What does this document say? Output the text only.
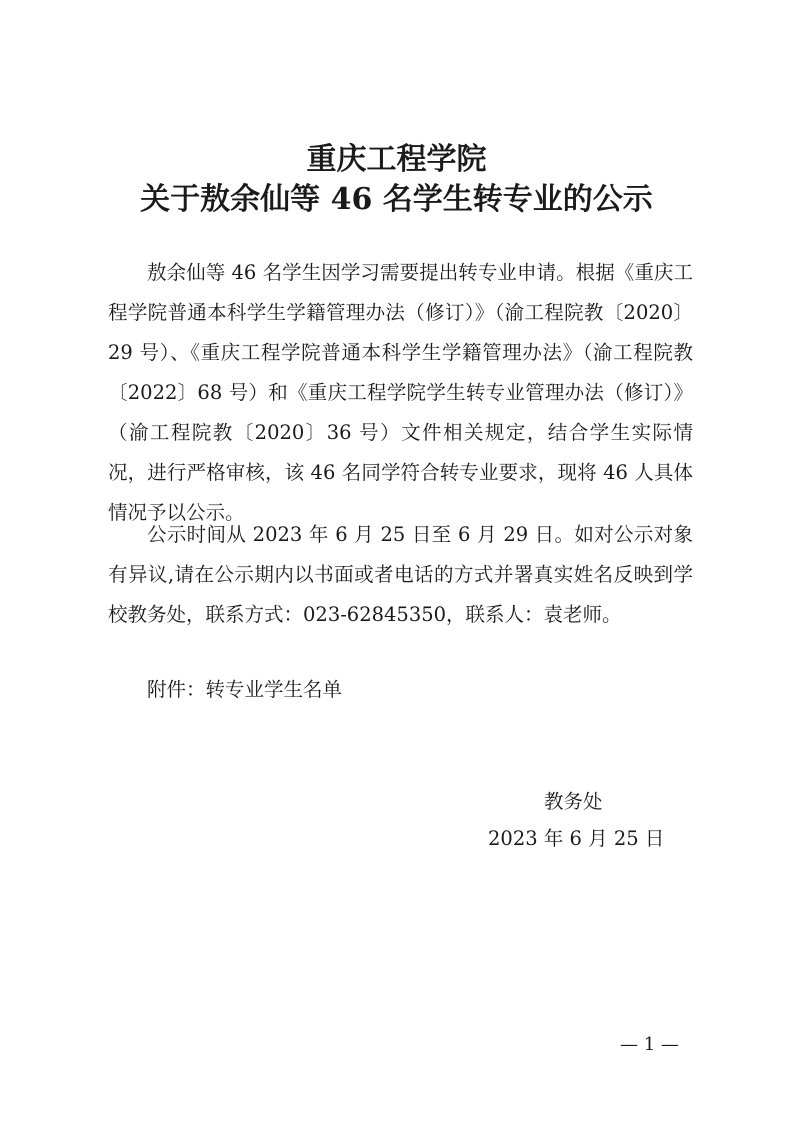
重庆工程学院
关于敖余仙等 46 名学生转专业的公示
敖余仙等 46 名学生因学习需要提出转专业申请。根据《重庆工程学院普通本科学生学籍管理办法（修订）》（渝工程院教〔2020〕29 号）、《重庆工程学院普通本科学生学籍管理办法》（渝工程院教〔2022〕68 号）和《重庆工程学院学生转专业管理办法（修订）》（渝工程院教〔2020〕36 号）文件相关规定，结合学生实际情况，进行严格审核，该 46 名同学符合转专业要求，现将 46 人具体情况予以公示。
公示时间从 2023 年 6 月 25 日至 6 月 29 日。如对公示对象有异议,请在公示期内以书面或者电话的方式并署真实姓名反映到学校教务处，联系方式：023-62845350，联系人：袁老师。
附件：转专业学生名单
教务处
2023 年 6 月 25 日
— 1 —
